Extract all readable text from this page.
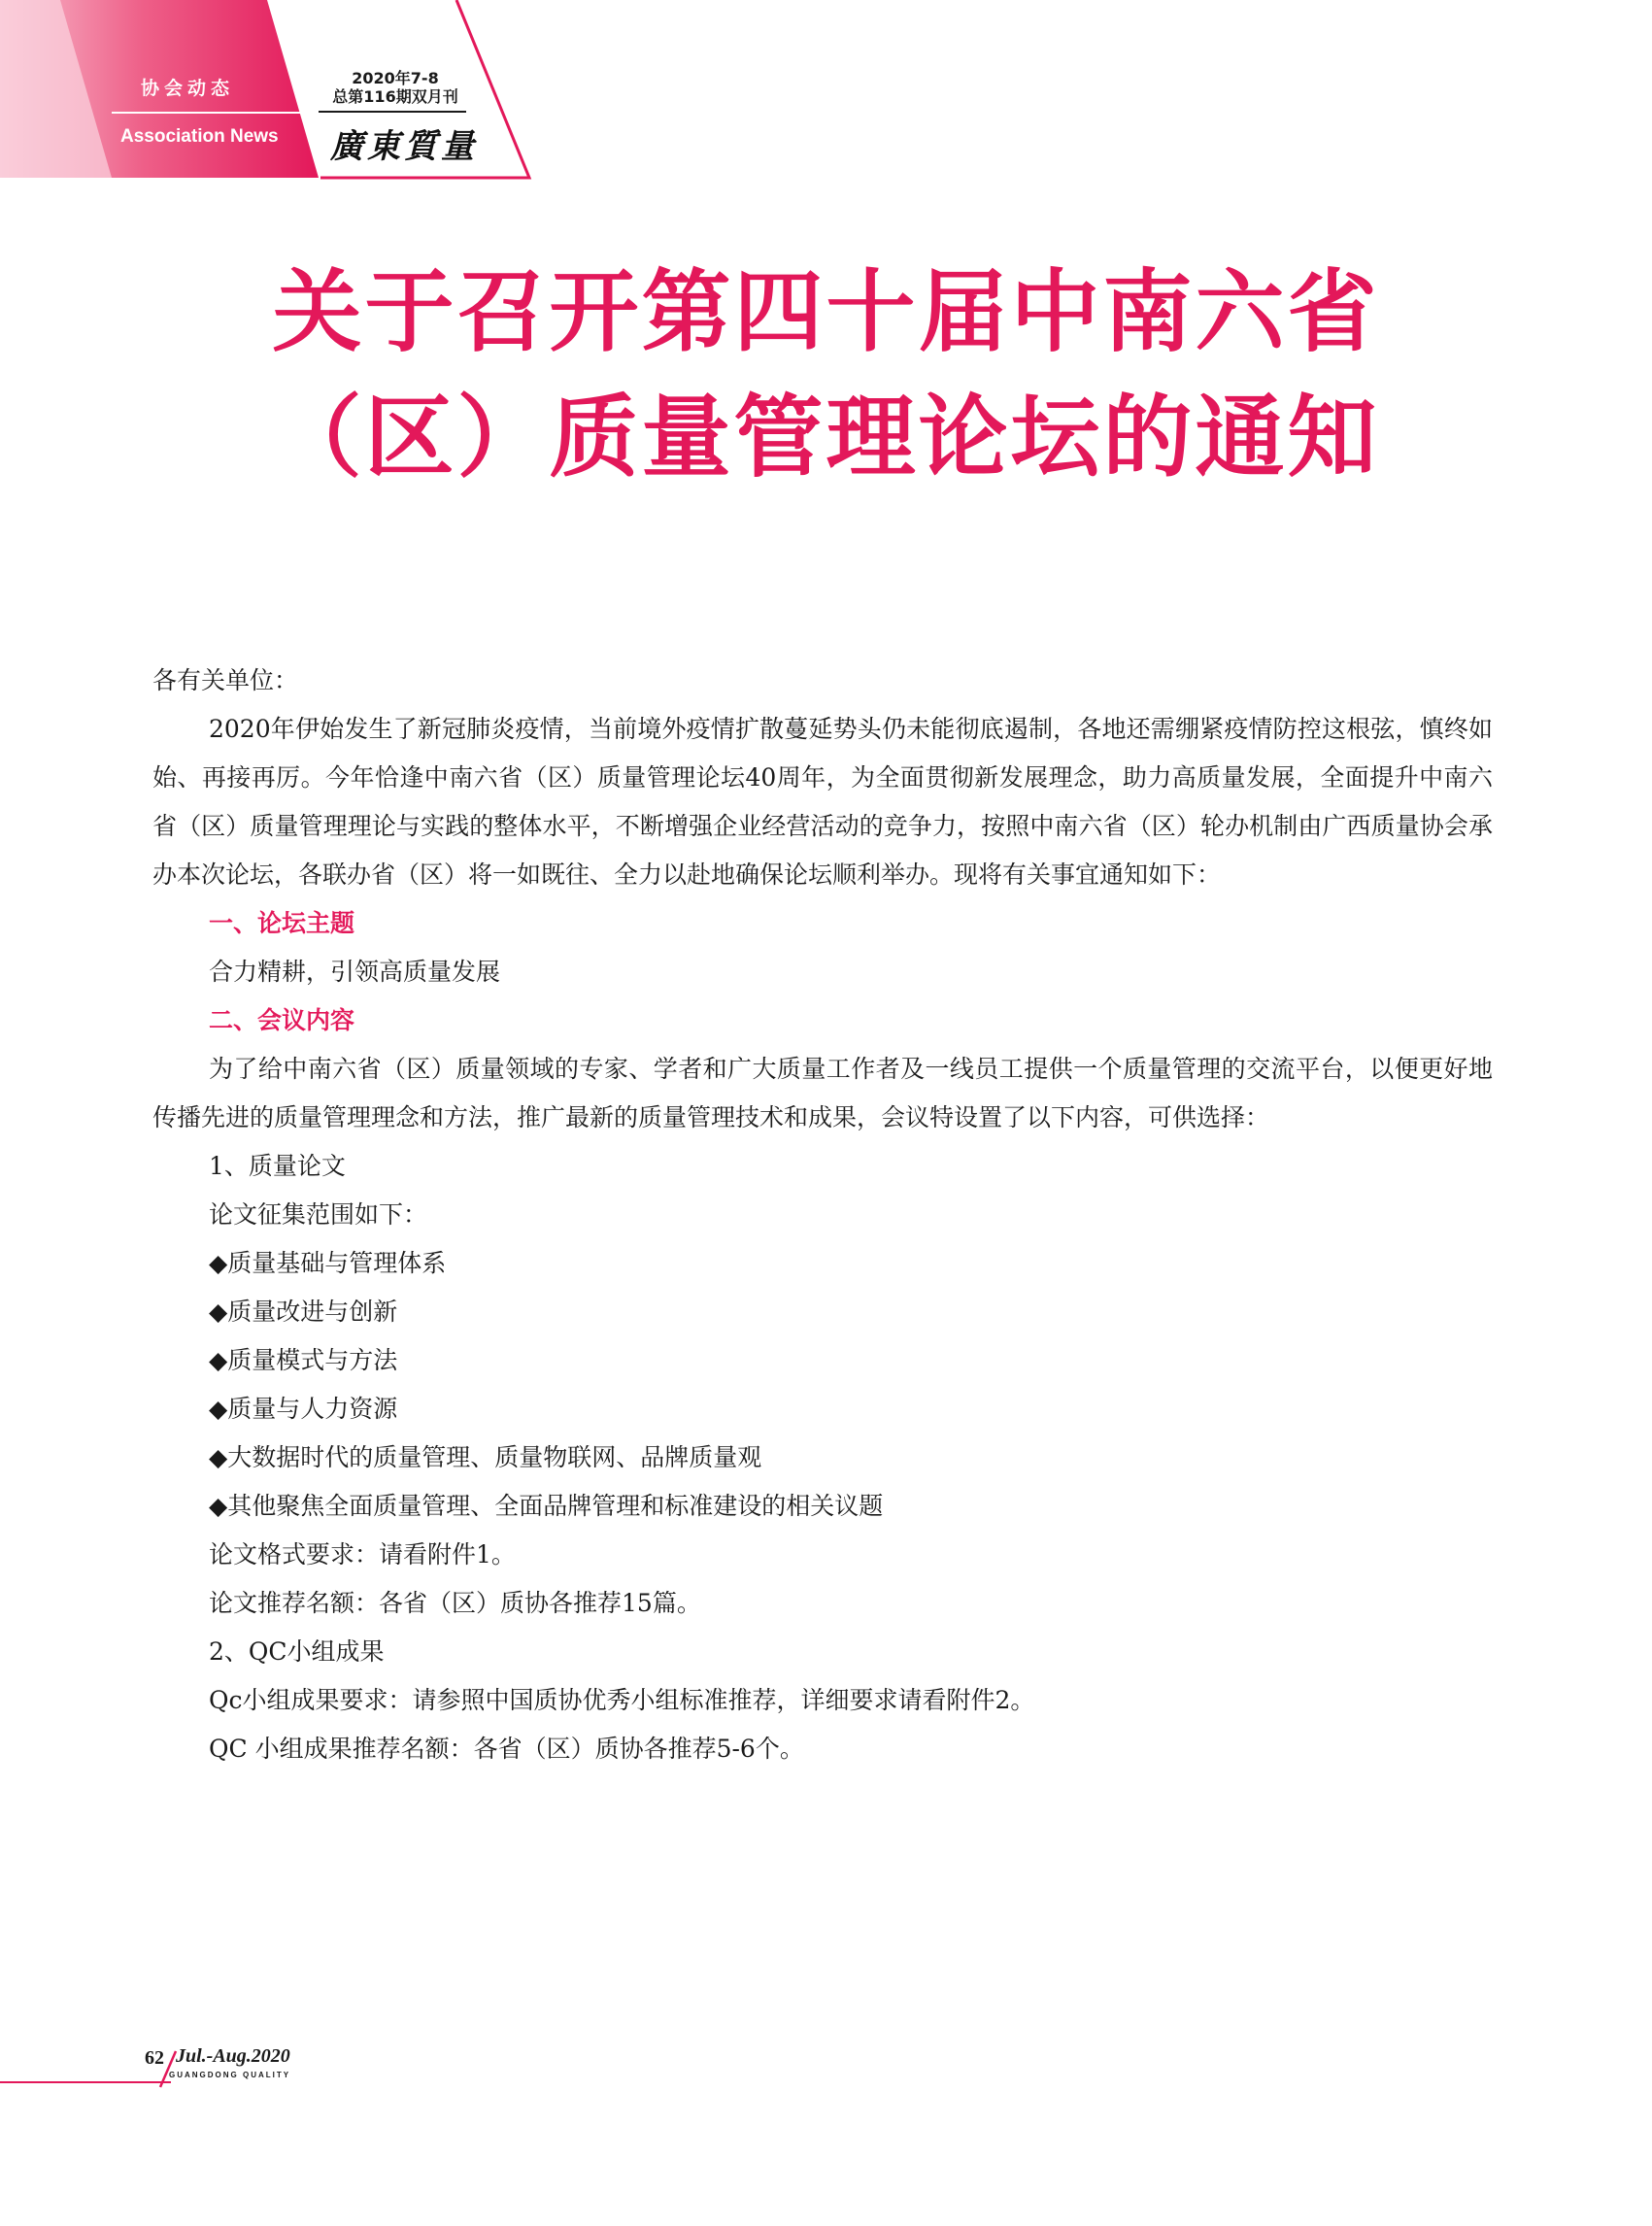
协会动态
Association News
2020年7-8
总第116期双月刊
廣東質量
关于召开第四十届中南六省
（区）质量管理论坛的通知

各有关单位：

2020年伊始发生了新冠肺炎疫情，当前境外疫情扩散蔓延势头仍未能彻底遏制，各地还需绷紧疫情防控这根弦，慎终如始、再接再厉。今年恰逢中南六省（区）质量管理论坛40周年，为全面贯彻新发展理念，助力高质量发展，全面提升中南六省（区）质量管理理论与实践的整体水平，不断增强企业经营活动的竞争力，按照中南六省（区）轮办机制由广西质量协会承办本次论坛，各联办省（区）将一如既往、全力以赴地确保论坛顺利举办。现将有关事宜通知如下：

一、论坛主题

合力精耕，引领高质量发展

二、会议内容

为了给中南六省（区）质量领域的专家、学者和广大质量工作者及一线员工提供一个质量管理的交流平台，以便更好地传播先进的质量管理理念和方法，推广最新的质量管理技术和成果，会议特设置了以下内容，可供选择：

1、质量论文

论文征集范围如下：

◆质量基础与管理体系

◆质量改进与创新

◆质量模式与方法

◆质量与人力资源

◆大数据时代的质量管理、质量物联网、品牌质量观

◆其他聚焦全面质量管理、全面品牌管理和标准建设的相关议题

论文格式要求：请看附件1。

论文推荐名额：各省（区）质协各推荐15篇。

2、QC小组成果

Qc小组成果要求：请参照中国质协优秀小组标准推荐，详细要求请看附件2。

QC 小组成果推荐名额：各省（区）质协各推荐5-6个。

62 Jul.-Aug.2020
GUANGDONG QUALITY
